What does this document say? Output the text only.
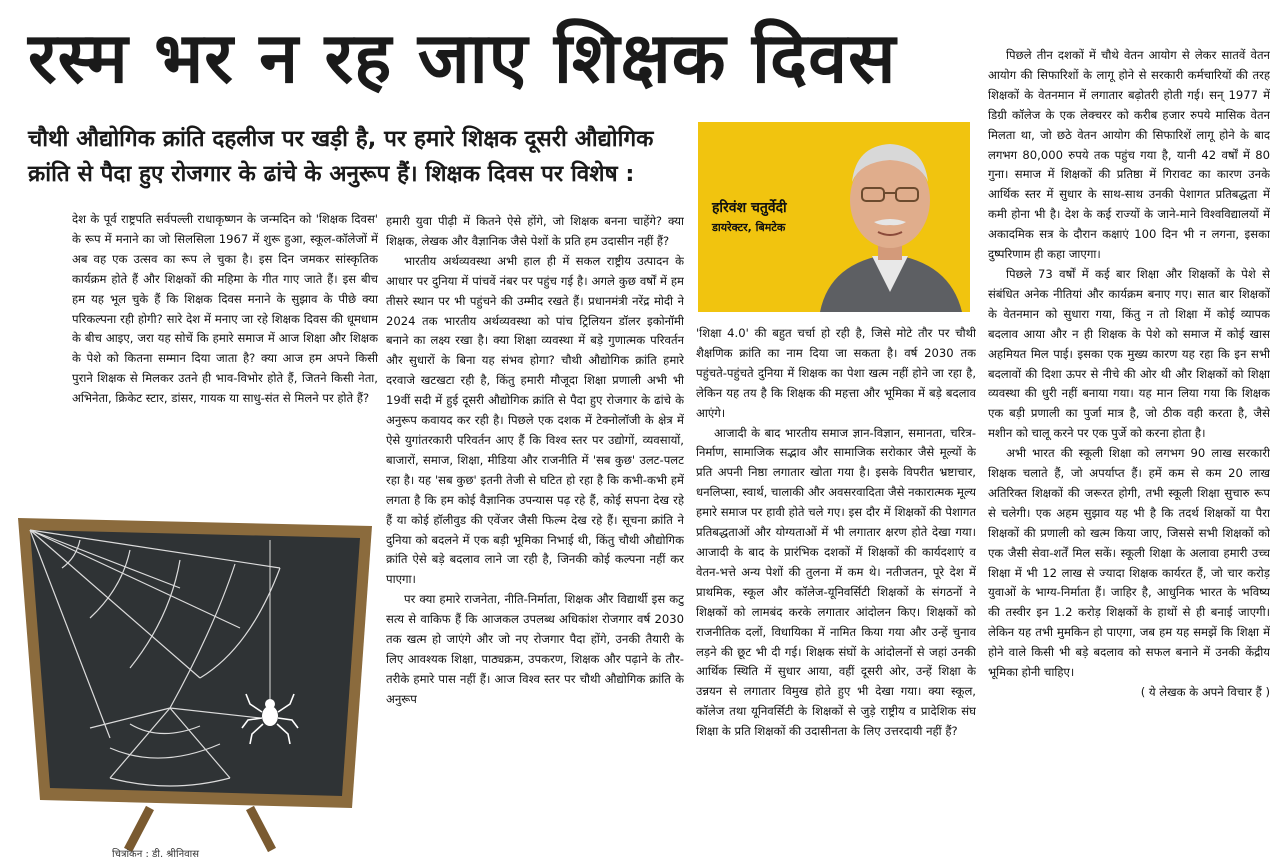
रस्म भर न रह जाए शिक्षक दिवस
चौथी औद्योगिक क्रांति दहलीज पर खड़ी है, पर हमारे शिक्षक दूसरी औद्योगिक क्रांति से पैदा हुए रोजगार के ढांचे के अनुरूप हैं। शिक्षक दिवस पर विशेष :

देश के पूर्व राष्ट्रपति सर्वपल्ली राधाकृष्णन के जन्मदिन को 'शिक्षक दिवस' के रूप में मनाने का जो सिलसिला 1967 में शुरू हुआ, स्कूल-कॉलेजों में अब वह एक उत्सव का रूप ले चुका है। इस दिन जमकर सांस्कृतिक कार्यक्रम होते हैं और शिक्षकों की महिमा के गीत गाए जाते हैं। इस बीच हम यह भूल चुके हैं कि शिक्षक दिवस मनाने के सुझाव के पीछे क्या परिकल्पना रही होगी? सारे देश में मनाए जा रहे शिक्षक दिवस की धूमधाम के बीच आइए, जरा यह सोचें कि हमारे समाज में आज शिक्षा और शिक्षक के पेशे को कितना सम्मान दिया जाता है? क्या आज हम अपने किसी पुराने शिक्षक से मिलकर उतने ही भाव-विभोर होते हैं, जितने किसी नेता, अभिनेता, क्रिकेट स्टार, डांसर, गायक या साधु-संत से मिलने पर होते हैं?

हमारी युवा पीढ़ी में कितने ऐसे होंगे, जो शिक्षक बनना चाहेंगे? क्या शिक्षक, लेखक और वैज्ञानिक जैसे पेशों के प्रति हम उदासीन नहीं हैं?

भारतीय अर्थव्यवस्था अभी हाल ही में सकल राष्ट्रीय उत्पादन के आधार पर दुनिया में पांचवें नंबर पर पहुंच गई है। अगले कुछ वर्षों में हम तीसरे स्थान पर भी पहुंचने की उम्मीद रखते हैं। प्रधानमंत्री नरेंद्र मोदी ने 2024 तक भारतीय अर्थव्यवस्था को पांच ट्रिलियन डॉलर इकोनॉमी बनाने का लक्ष्य रखा है। क्या शिक्षा व्यवस्था में बड़े गुणात्मक परिवर्तन और सुधारों के बिना यह संभव होगा? चौथी औद्योगिक क्रांति हमारे दरवाजे खटखटा रही है, किंतु हमारी मौजूदा शिक्षा प्रणाली अभी भी 19वीं सदी में हुई दूसरी औद्योगिक क्रांति से पैदा हुए रोजगार के ढांचे के अनुरूप कवायद कर रही है। पिछले एक दशक में टेक्नोलॉजी के क्षेत्र में ऐसे युगांतरकारी परिवर्तन आए हैं कि विश्व स्तर पर उद्योगों, व्यवसायों, बाजारों, समाज, शिक्षा, मीडिया और राजनीति में 'सब कुछ' उलट-पलट रहा है। यह 'सब कुछ' इतनी तेजी से घटित हो रहा है कि कभी-कभी हमें लगता है कि हम कोई वैज्ञानिक उपन्यास पढ़ रहे हैं, कोई सपना देख रहे हैं या कोई हॉलीवुड की एवेंजर जैसी फिल्म देख रहे हैं। सूचना क्रांति ने दुनिया को बदलने में एक बड़ी भूमिका निभाई थी, किंतु चौथी औद्योगिक क्रांति ऐसे बड़े बदलाव लाने जा रही है, जिनकी कोई कल्पना नहीं कर पाएगा।

पर क्या हमारे राजनेता, नीति-निर्माता, शिक्षक और विद्यार्थी इस कटु सत्य से वाकिफ हैं कि आजकल उपलब्ध अधिकांश रोजगार वर्ष 2030 तक खत्म हो जाएंगे और जो नए रोजगार पैदा होंगे, उनकी तैयारी के लिए आवश्यक शिक्षा, पाठ्यक्रम, उपकरण, शिक्षक और पढ़ाने के तौर-तरीके हमारे पास नहीं हैं। आज विश्व स्तर पर चौथी औद्योगिक क्रांति के अनुरूप

हरिवंश चतुर्वेदी
डायरेक्टर, बिमटेक

'शिक्षा 4.0' की बहुत चर्चा हो रही है, जिसे मोटे तौर पर चौथी शैक्षणिक क्रांति का नाम दिया जा सकता है। वर्ष 2030 तक पहुंचते-पहुंचते दुनिया में शिक्षक का पेशा खत्म नहीं होने जा रहा है, लेकिन यह तय है कि शिक्षक की महत्ता और भूमिका में बड़े बदलाव आएंगे।

आजादी के बाद भारतीय समाज ज्ञान-विज्ञान, समानता, चरित्र-निर्माण, सामाजिक सद्भाव और सामाजिक सरोकार जैसे मूल्यों के प्रति अपनी निष्ठा लगातार खोता गया है। इसके विपरीत भ्रष्टाचार, धनलिप्सा, स्वार्थ, चालाकी और अवसरवादिता जैसे नकारात्मक मूल्य हमारे समाज पर हावी होते चले गए। इस दौर में शिक्षकों की पेशागत प्रतिबद्धताओं और योग्यताओं में भी लगातार क्षरण होते देखा गया। आजादी के बाद के प्रारंभिक दशकों में शिक्षकों की कार्यदशाएं व वेतन-भत्ते अन्य पेशों की तुलना में कम थे। नतीजतन, पूरे देश में प्राथमिक, स्कूल और कॉलेज-यूनिवर्सिटी शिक्षकों के संगठनों ने शिक्षकों को लामबंद करके लगातार आंदोलन किए। शिक्षकों को राजनीतिक दलों, विधायिका में नामित किया गया और उन्हें चुनाव लड़ने की छूट भी दी गई। शिक्षक संघों के आंदोलनों से जहां उनकी आर्थिक स्थिति में सुधार आया, वहीं दूसरी ओर, उन्हें शिक्षा के उन्नयन से लगातार विमुख होते हुए भी देखा गया। क्या स्कूल, कॉलेज तथा यूनिवर्सिटी के शिक्षकों से जुड़े राष्ट्रीय व प्रादेशिक संघ शिक्षा के प्रति शिक्षकों की उदासीनता के लिए उत्तरदायी नहीं हैं?

पिछले तीन दशकों में चौथे वेतन आयोग से लेकर सातवें वेतन आयोग की सिफारिशों के लागू होने से सरकारी कर्मचारियों की तरह शिक्षकों के वेतनमान में लगातार बढ़ोतरी होती गई। सन् 1977 में डिग्री कॉलेज के एक लेक्चरर को करीब हजार रुपये मासिक वेतन मिलता था, जो छठे वेतन आयोग की सिफारिशें लागू होने के बाद लगभग 80,000 रुपये तक पहुंच गया है, यानी 42 वर्षों में 80 गुना। समाज में शिक्षकों की प्रतिष्ठा में गिरावट का कारण उनके आर्थिक स्तर में सुधार के साथ-साथ उनकी पेशागत प्रतिबद्धता में कमी होना भी है। देश के कई राज्यों के जाने-माने विश्वविद्यालयों में अकादमिक सत्र के दौरान कक्षाएं 100 दिन भी न लगना, इसका दुष्परिणाम ही कहा जाएगा।

पिछले 73 वर्षों में कई बार शिक्षा और शिक्षकों के पेशे से संबंधित अनेक नीतियां और कार्यक्रम बनाए गए। सात बार शिक्षकों के वेतनमान को सुधारा गया, किंतु न तो शिक्षा में कोई व्यापक बदलाव आया और न ही शिक्षक के पेशे को समाज में कोई खास अहमियत मिल पाई। इसका एक मुख्य कारण यह रहा कि इन सभी बदलावों की दिशा ऊपर से नीचे की ओर थी और शिक्षकों को शिक्षा व्यवस्था की धुरी नहीं बनाया गया। यह मान लिया गया कि शिक्षक एक बड़ी प्रणाली का पुर्जा मात्र है, जो ठीक वही करता है, जैसे मशीन को चालू करने पर एक पुर्जे को करना होता है।

अभी भारत की स्कूली शिक्षा को लगभग 90 लाख सरकारी शिक्षक चलाते हैं, जो अपर्याप्त हैं। हमें कम से कम 20 लाख अतिरिक्त शिक्षकों की जरूरत होगी, तभी स्कूली शिक्षा सुचारु रूप से चलेगी। एक अहम सुझाव यह भी है कि तदर्थ शिक्षकों या पैरा शिक्षकों की प्रणाली को खत्म किया जाए, जिससे सभी शिक्षकों को एक जैसी सेवा-शर्तें मिल सकें। स्कूली शिक्षा के अलावा हमारी उच्च शिक्षा में भी 12 लाख से ज्यादा शिक्षक कार्यरत हैं, जो चार करोड़ युवाओं के भाग्य-निर्माता हैं। जाहिर है, आधुनिक भारत के भविष्य की तस्वीर इन 1.2 करोड़ शिक्षकों के हाथों से ही बनाई जाएगी। लेकिन यह तभी मुमकिन हो पाएगा, जब हम यह समझें कि शिक्षा में होने वाले किसी भी बड़े बदलाव को सफल बनाने में उनकी केंद्रीय भूमिका होनी चाहिए।

( ये लेखक के अपने विचार हैं )

चित्रांकन : डी. श्रीनिवास
